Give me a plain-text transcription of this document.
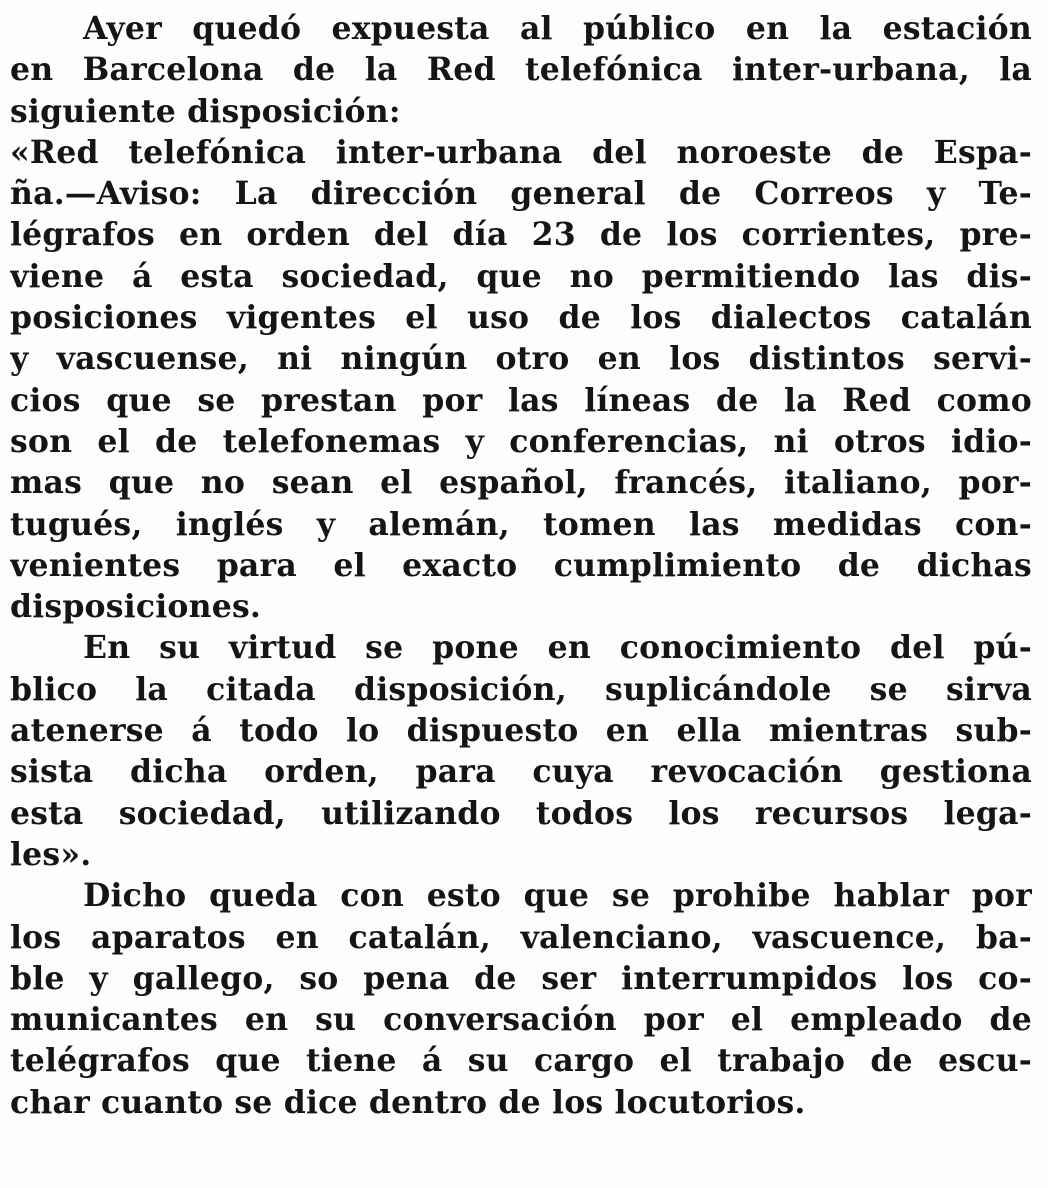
Ayer quedó expuesta al público en la estación
en Barcelona de la Red telefónica inter-urbana, la
siguiente disposición:
«Red telefónica inter-urbana del noroeste de Espa-
ña.—Aviso: La dirección general de Correos y Te-
légrafos en orden del día 23 de los corrientes, pre-
viene á esta sociedad, que no permitiendo las dis-
posiciones vigentes el uso de los dialectos catalán
y vascuense, ni ningún otro en los distintos servi-
cios que se prestan por las líneas de la Red como
son el de telefonemas y conferencias, ni otros idio-
mas que no sean el español, francés, italiano, por-
tugués, inglés y alemán, tomen las medidas con-
venientes para el exacto cumplimiento de dichas
disposiciones.
En su virtud se pone en conocimiento del pú-
blico la citada disposición, suplicándole se sirva
atenerse á todo lo dispuesto en ella mientras sub-
sista dicha orden, para cuya revocación gestiona
esta sociedad, utilizando todos los recursos lega-
les».
Dicho queda con esto que se prohibe hablar por
los aparatos en catalán, valenciano, vascuence, ba-
ble y gallego, so pena de ser interrumpidos los co-
municantes en su conversación por el empleado de
telégrafos que tiene á su cargo el trabajo de escu-
char cuanto se dice dentro de los locutorios.
